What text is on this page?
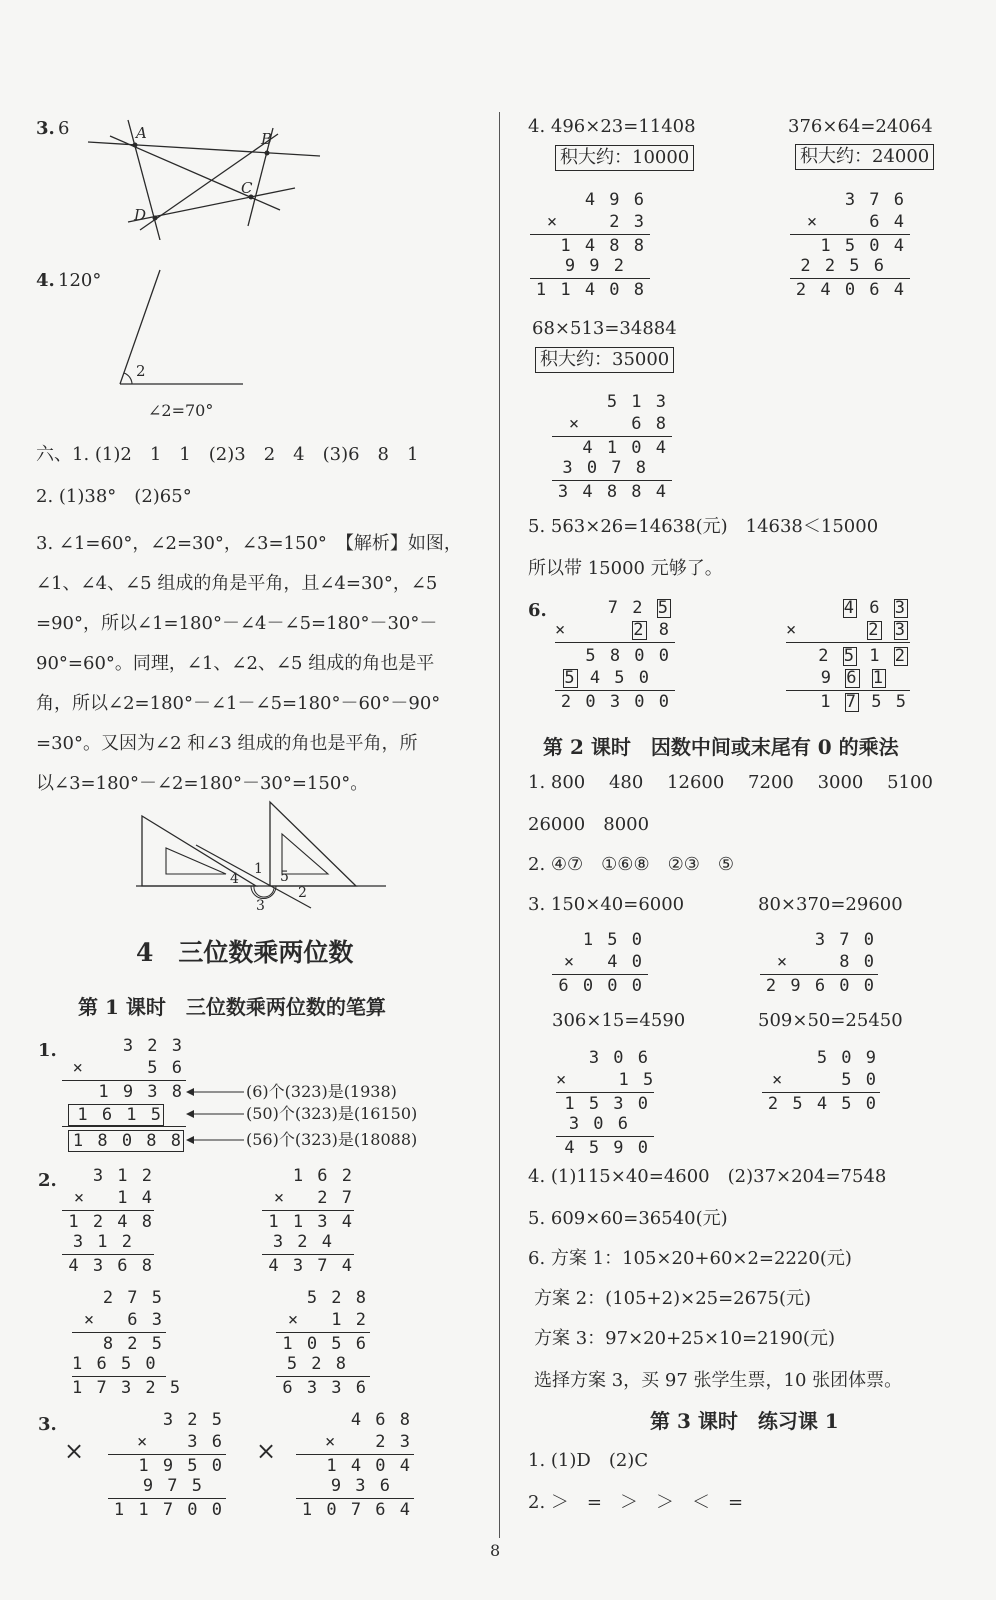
3. 6	A	B
C
D
4. 120°
2
∠2=70°
六、1. (1)2　1　1　(2)3　2　4　(3)6　8　1
2. (1)38°　(2)65°
3. ∠1=60°，∠2=30°，∠3=150°　【解析】如图，
∠1、∠4、∠5 组成的角是平角，且∠4=30°，∠5
=90°，所以∠1=180°－∠4－∠5=180°－30°－
90°=60°。同理，∠1、∠2、∠5 组成的角也是平
角，所以∠2=180°－∠1－∠5=180°－60°－90°
=30°。又因为∠2 和∠3 组成的角也是平角，所
以∠3=180°－∠2=180°－30°=150°。
4
1 5
2
3
4　三位数乘两位数
第 1 课时　三位数乘两位数的笔算
1.	3 2 3
× 　 　5 6
1 9 3 8
1 6 1 5
1 8 0 8 8
(6)个(323)是(1938)
(50)个(323)是(16150)
(56)个(323)是(18088)
2.	3 1 2
×　 1 4
1 2 4 8
3 1 2
4 3 6 8
1 6 2
×　 2 7
1 1 3 4
3 2 4
4 3 7 4
2 7 5
×　 6 3
8 2 5
1 6 5 0
1 7 3 2 5
5 2 8
×　 1 2
1 0 5 6
5 2 8
6 3 3 6
3.
×	×
3 2 5
×　　3 6
1 9 5 0
9 7 5
1 1 7 0 0
4 6 8
×　　2 3
1 4 0 4
9 3 6
1 0 7 6 4
4. 496×23=11408	376×64=24064
积大约：10000	积大约：24000
4 9 6
×　　 2 3
1 4 8 8
9 9 2
1 1 4 0 8
3 7 6
×　　 6 4
1 5 0 4
2 2 5 6
2 4 0 6 4
68×513=34884
积大约：35000
5 1 3
×　　 6 8
4 1 0 4
3 0 7 8
3 4 8 8 4
5. 563×26=14638(元)　14638＜15000
所以带 15000 元够了。
6.	7 2 5
×	2 8
5 8 0 0
5 4 5 0
2 0 3 0 0
4 6 3
×	2 3
2 5 1 2
9 6 1
1 7 5 5
第 2 课时　因数中间或末尾有 0 的乘法
1. 800　 480　 12600　 7200　 3000　 5100
26000　8000
2. ④⑦　①⑥⑧　②③　⑤
3. 150×40=6000	80×370=29600
1 5 0
×　 4 0
6 0 0 0
3 7 0
×　　 8 0
2 9 6 0 0
306×15=4590	509×50=25450
3 0 6
×　　 1 5
1 5 3 0
3 0 6
4 5 9 0
5 0 9
×　　　5 0
2 5 4 5 0
4. (1)115×40=4600　(2)37×204=7548
5. 609×60=36540(元)
6. 方案 1：105×20+60×2=2220(元)
方案 2：(105+2)×25=2675(元)
方案 3：97×20+25×10=2190(元)
选择方案 3，买 97 张学生票，10 张团体票。
第 3 课时　练习课 1
1. (1)D　(2)C
2. ＞　=　＞　＞　＜　=
8
